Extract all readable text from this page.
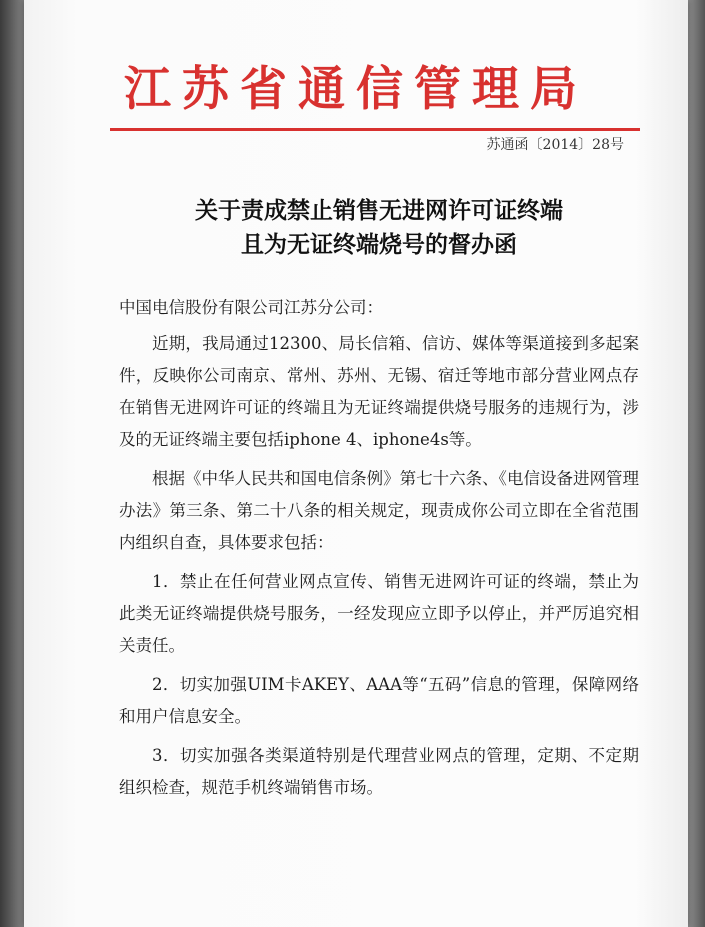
江苏省通信管理局
苏通函〔2014〕28号
关于责成禁止销售无进网许可证终端
且为无证终端烧号的督办函

中国电信股份有限公司江苏分公司：

近期，我局通过12300、局长信箱、信访、媒体等渠道接到多起案件，反映你公司南京、常州、苏州、无锡、宿迁等地市部分营业网点存在销售无进网许可证的终端且为无证终端提供烧号服务的违规行为，涉及的无证终端主要包括iphone 4、iphone4s等。

根据《中华人民共和国电信条例》第七十六条、《电信设备进网管理办法》第三条、第二十八条的相关规定，现责成你公司立即在全省范围内组织自查，具体要求包括：

1．禁止在任何营业网点宣传、销售无进网许可证的终端，禁止为此类无证终端提供烧号服务，一经发现应立即予以停止，并严厉追究相关责任。

2．切实加强UIM卡AKEY、AAA等“五码”信息的管理，保障网络和用户信息安全。

3．切实加强各类渠道特别是代理营业网点的管理，定期、不定期组织检查，规范手机终端销售市场。
